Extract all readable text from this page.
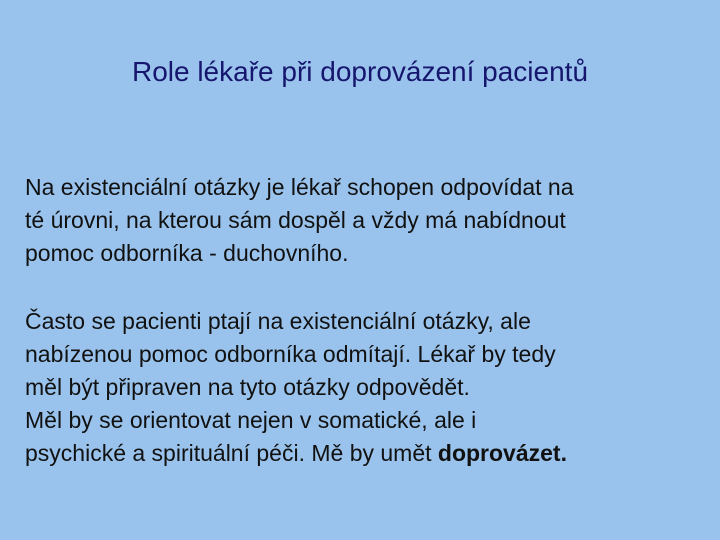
Role lékaře při doprovázení pacientů
Na existenciální otázky je lékař schopen odpovídat na
té úrovni, na kterou sám dospěl a vždy má nabídnout
pomoc odborníka - duchovního.
Často se pacienti ptají na existenciální otázky, ale
nabízenou pomoc odborníka odmítají. Lékař by tedy
měl být připraven na tyto otázky odpovědět.
Měl by se orientovat nejen v somatické, ale i
psychické a spirituální péči. Mě by umět doprovázet.
